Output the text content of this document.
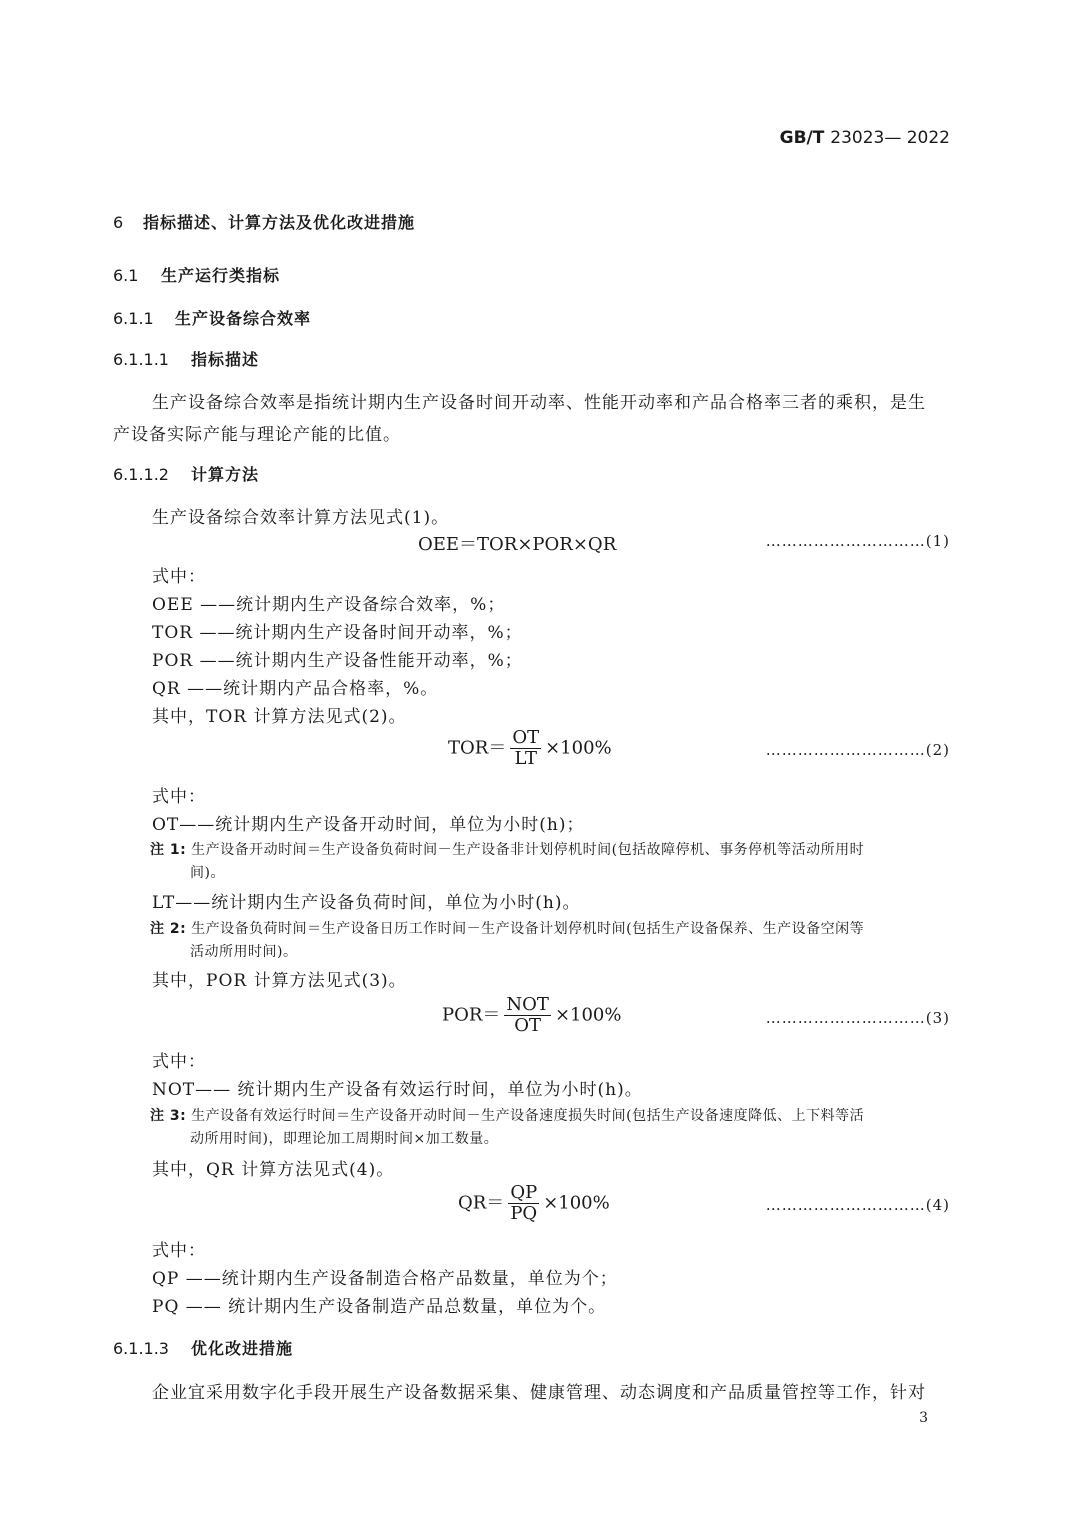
GB/T 23023— 2022
6 指标描述、计算方法及优化改进措施
6.1 生产运行类指标
6.1.1 生产设备综合效率
6.1.1.1 指标描述
生产设备综合效率是指统计期内生产设备时间开动率、性能开动率和产品合格率三者的乘积，是生
产设备实际产能与理论产能的比值。
6.1.1.2 计算方法
生产设备综合效率计算方法见式(1)。
OEE＝TOR×POR×QR	…………………………(1)
式中：
OEE ——统计期内生产设备综合效率，%；
TOR ——统计期内生产设备时间开动率，%；
POR ——统计期内生产设备性能开动率，%；
QR ——统计期内产品合格率，%。
其中，TOR 计算方法见式(2)。
$TOR= \frac{OT}{LT} \times 100\%$	…………………………(2)
式中：
OT——统计期内生产设备开动时间，单位为小时(h)；
注 1: 生产设备开动时间＝生产设备负荷时间－生产设备非计划停机时间(包括故障停机、事务停机等活动所用时
间)。
LT——统计期内生产设备负荷时间，单位为小时(h)。
注 2: 生产设备负荷时间＝生产设备日历工作时间－生产设备计划停机时间(包括生产设备保养、生产设备空闲等
活动所用时间)。
其中，POR 计算方法见式(3)。
$POR= \frac{\text{NOT}}{OT} \times 100\%$	…………………………(3)
式中：
NOT—— 统计期内生产设备有效运行时间，单位为小时(h)。
注 3: 生产设备有效运行时间＝生产设备开动时间－生产设备速度损失时间(包括生产设备速度降低、上下料等活
动所用时间)，即理论加工周期时间×加工数量。
其中，QR 计算方法见式(4)。
$QR= \frac{QP}{PQ} \times 100\%$	…………………………(4)
式中：
QP ——统计期内生产设备制造合格产品数量，单位为个；
PQ —— 统计期内生产设备制造产品总数量，单位为个。
6.1.1.3 优化改进措施
企业宜采用数字化手段开展生产设备数据采集、健康管理、动态调度和产品质量管控等工作，针对
3
